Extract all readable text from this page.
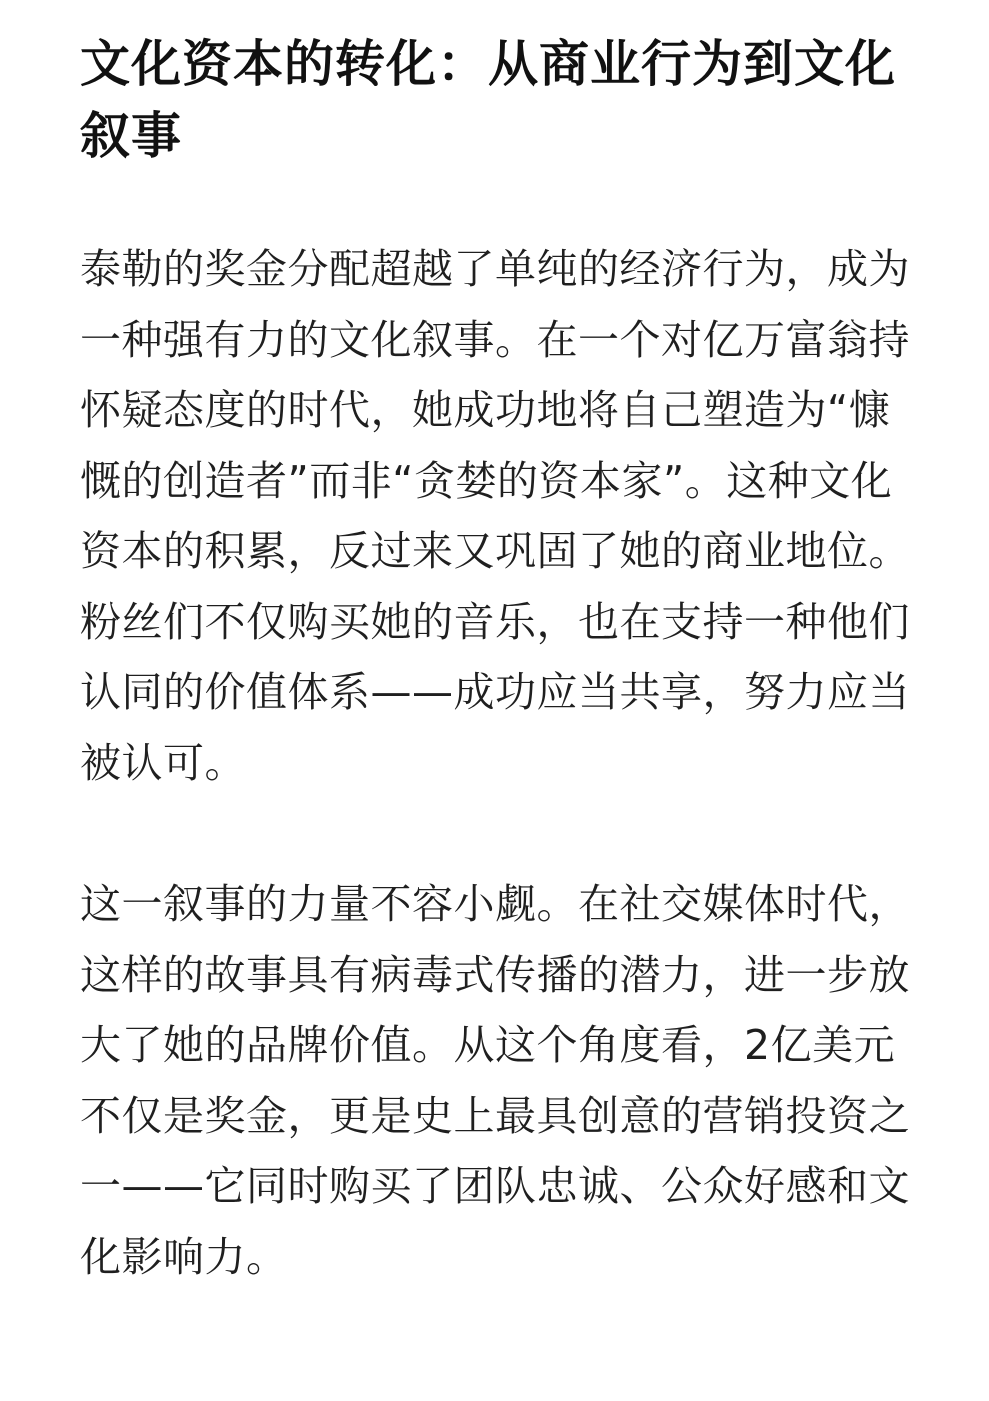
文化资本的转化：从商业行为到文化叙事

泰勒的奖金分配超越了单纯的经济行为，成为一种强有力的文化叙事。在一个对亿万富翁持怀疑态度的时代，她成功地将自己塑造为“慷慨的创造者”而非“贪婪的资本家”。这种文化资本的积累，反过来又巩固了她的商业地位。粉丝们不仅购买她的音乐，也在支持一种他们认同的价值体系——成功应当共享，努力应当被认可。

这一叙事的力量不容小觑。在社交媒体时代，这样的故事具有病毒式传播的潜力，进一步放大了她的品牌价值。从这个角度看，2亿美元不仅是奖金，更是史上最具创意的营销投资之一——它同时购买了团队忠诚、公众好感和文化影响力。
